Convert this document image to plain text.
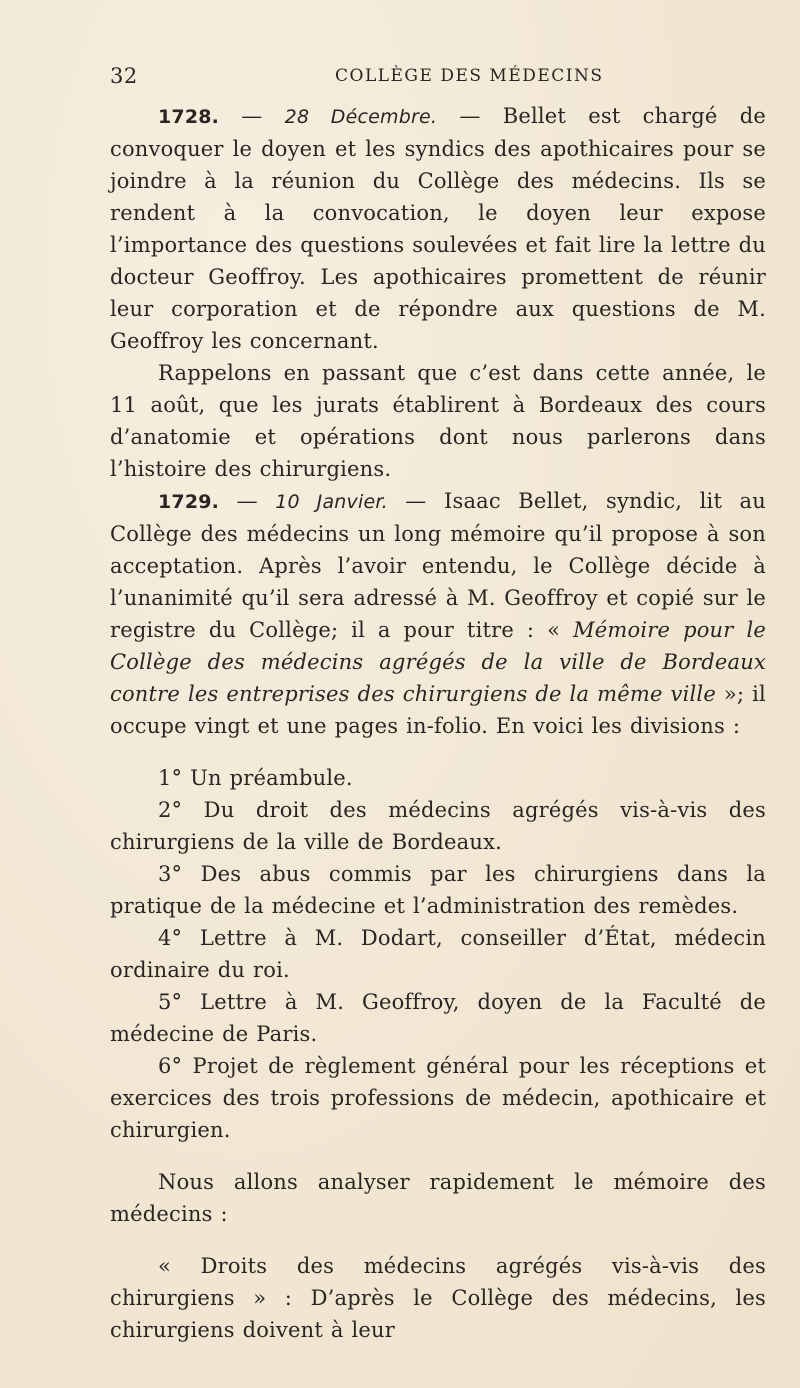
32	COLLÈGE DES MÉDECINS

1728. — 28 Décembre. — Bellet est chargé de convoquer le doyen et les syndics des apothicaires pour se joindre à la réunion du Collège des médecins. Ils se rendent à la convocation, le doyen leur expose l’importance des questions soulevées et fait lire la lettre du docteur Geoffroy. Les apothicaires promettent de réunir leur corporation et de répondre aux questions de M. Geoffroy les concernant.

Rappelons en passant que c’est dans cette année, le 11 août, que les jurats établirent à Bordeaux des cours d’anatomie et opérations dont nous parlerons dans l’histoire des chirurgiens.

1729. — 10 Janvier. — Isaac Bellet, syndic, lit au Collège des médecins un long mémoire qu’il propose à son acceptation. Après l’avoir entendu, le Collège décide à l’unanimité qu’il sera adressé à M. Geoffroy et copié sur le registre du Collège; il a pour titre : « Mémoire pour le Collège des médecins agrégés de la ville de Bordeaux contre les entreprises des chirurgiens de la même ville »; il occupe vingt et une pages in-folio. En voici les divisions :

1° Un préambule.

2° Du droit des médecins agrégés vis-à-vis des chirurgiens de la ville de Bordeaux.

3° Des abus commis par les chirurgiens dans la pratique de la médecine et l’administration des remèdes.

4° Lettre à M. Dodart, conseiller d’État, médecin ordinaire du roi.

5° Lettre à M. Geoffroy, doyen de la Faculté de médecine de Paris.

6° Projet de règlement général pour les réceptions et exercices des trois professions de médecin, apothicaire et chirurgien.

Nous allons analyser rapidement le mémoire des médecins :

« Droits des médecins agrégés vis-à-vis des chirurgiens » : D’après le Collège des médecins, les chirurgiens doivent à leur
